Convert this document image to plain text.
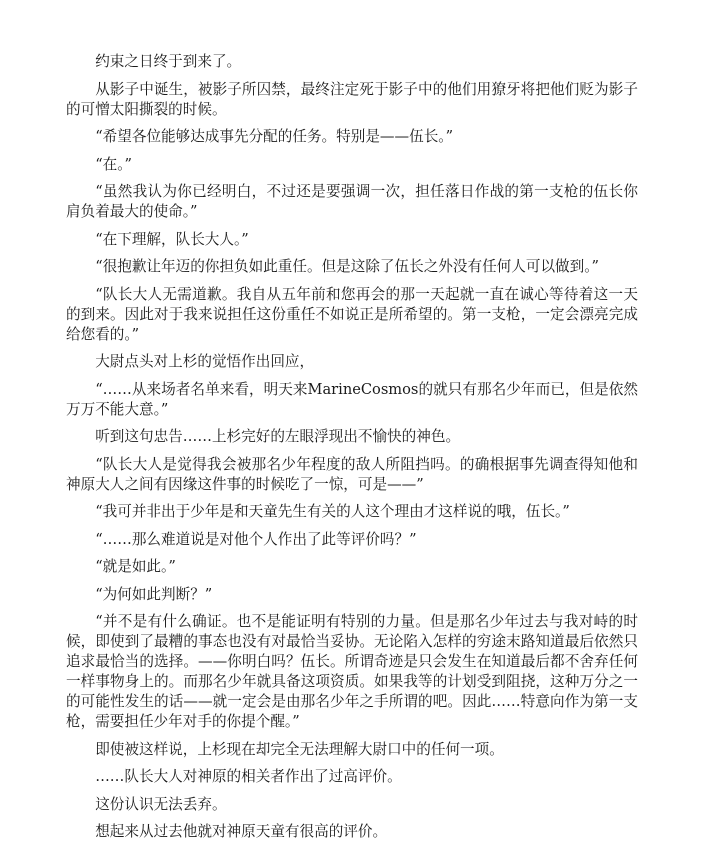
约束之日终于到来了。

从影子中诞生，被影子所囚禁，最终注定死于影子中的他们用獠牙将把他们贬为影子的可憎太阳撕裂的时候。

“希望各位能够达成事先分配的任务。特别是——伍长。”

“在。”

“虽然我认为你已经明白，不过还是要强调一次，担任落日作战的第一支枪的伍长你肩负着最大的使命。”

“在下理解，队长大人。”

“很抱歉让年迈的你担负如此重任。但是这除了伍长之外没有任何人可以做到。”

“队长大人无需道歉。我自从五年前和您再会的那一天起就一直在诚心等待着这一天的到来。因此对于我来说担任这份重任不如说正是所希望的。第一支枪，一定会漂亮完成给您看的。”

大尉点头对上杉的觉悟作出回应，

“……从来场者名单来看，明天来MarineCosmos的就只有那名少年而已，但是依然万万不能大意。”

听到这句忠告……上杉完好的左眼浮现出不愉快的神色。

“队长大人是觉得我会被那名少年程度的敌人所阻挡吗。的确根据事先调查得知他和神原大人之间有因缘这件事的时候吃了一惊，可是——”

“我可并非出于少年是和天童先生有关的人这个理由才这样说的哦，伍长。”

“……那么难道说是对他个人作出了此等评价吗？”

“就是如此。”

“为何如此判断？”

“并不是有什么确证。也不是能证明有特别的力量。但是那名少年过去与我对峙的时候，即使到了最糟的事态也没有对最恰当妥协。无论陷入怎样的穷途末路知道最后依然只追求最恰当的选择。——你明白吗？伍长。所谓奇迹是只会发生在知道最后都不舍弃任何一样事物身上的。而那名少年就具备这项资质。如果我等的计划受到阻挠，这种万分之一的可能性发生的话——就一定会是由那名少年之手所谓的吧。因此……特意向作为第一支枪，需要担任少年对手的你提个醒。”

即使被这样说，上杉现在却完全无法理解大尉口中的任何一项。

……队长大人对神原的相关者作出了过高评价。

这份认识无法丢弃。

想起来从过去他就对神原天童有很高的评价。
